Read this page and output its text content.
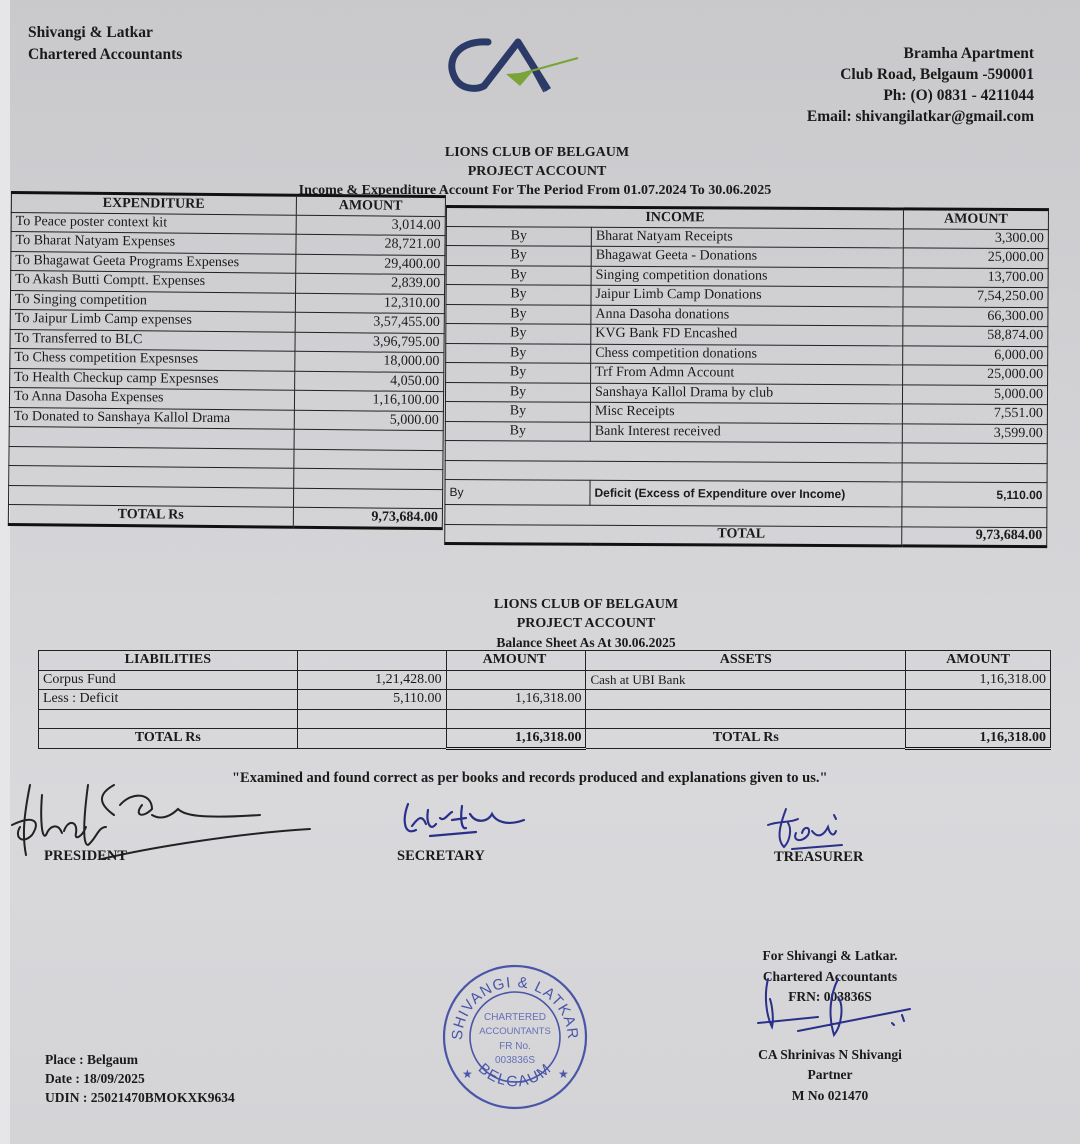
Shivangi & Latkar
Chartered Accountants	Bramha Apartment
Club Road, Belgaum -590001
Ph: (O) 0831 - 4211044
Email: shivangilatkar@gmail.com
LIONS CLUB OF BELGAUM
PROJECT ACCOUNT
Income & Expenditure Account For The Period From 01.07.2024 To 30.06.2025
EXPENDITURE	AMOUNT
To Peace poster context kit	3,014.00
To Bharat Natyam Expenses	28,721.00
To Bhagawat Geeta Programs Expenses	29,400.00
To Akash Butti Comptt. Expenses	2,839.00
To Singing competition	12,310.00
To Jaipur Limb Camp expenses	3,57,455.00
To Transferred to BLC	3,96,795.00
To Chess competition Expesnses	18,000.00
To Health Checkup camp Expesnses	4,050.00
To Anna Dasoha Expenses	1,16,100.00
To Donated to Sanshaya Kallol Drama	5,000.00

TOTAL Rs	9,73,684.00
INCOME		AMOUNT
By	Bharat Natyam Receipts	3,300.00
By	Bhagawat Geeta - Donations	25,000.00
By	Singing competition donations	13,700.00
By	Jaipur Limb Camp Donations	7,54,250.00
By	Anna Dasoha donations	66,300.00
By	KVG Bank FD Encashed	58,874.00
By	Chess competition donations	6,000.00
By	Trf From Admn Account	25,000.00
By	Sanshaya Kallol Drama by club	5,000.00
By	Misc Receipts	7,551.00
By	Bank Interest received	3,599.00

By	Deficit (Excess of Expenditure over Income)	5,110.00

TOTAL		9,73,684.00
LIONS CLUB OF BELGAUM
PROJECT ACCOUNT
Balance Sheet As At 30.06.2025
LIABILITIES		AMOUNT	ASSETS	AMOUNT
Corpus Fund	1,21,428.00		Cash at UBI Bank	1,16,318.00
Less : Deficit	5,110.00	1,16,318.00		

TOTAL Rs		1,16,318.00	TOTAL Rs	1,16,318.00
"Examined and found correct as per books and records produced and explanations given to us."
PRESIDENT	SECRETARY	TREASURER
SHIVANGI & LATKAR
BELGAUM
CHARTERED
ACCOUNTANTS
FR No.
003836S
★	★
For Shivangi & Latkar.
Chartered Accountants
FRN: 003836S
CA Shrinivas N Shivangi
Partner
M No 021470
Place : Belgaum
Date : 18/09/2025
UDIN : 25021470BMOKXK9634
